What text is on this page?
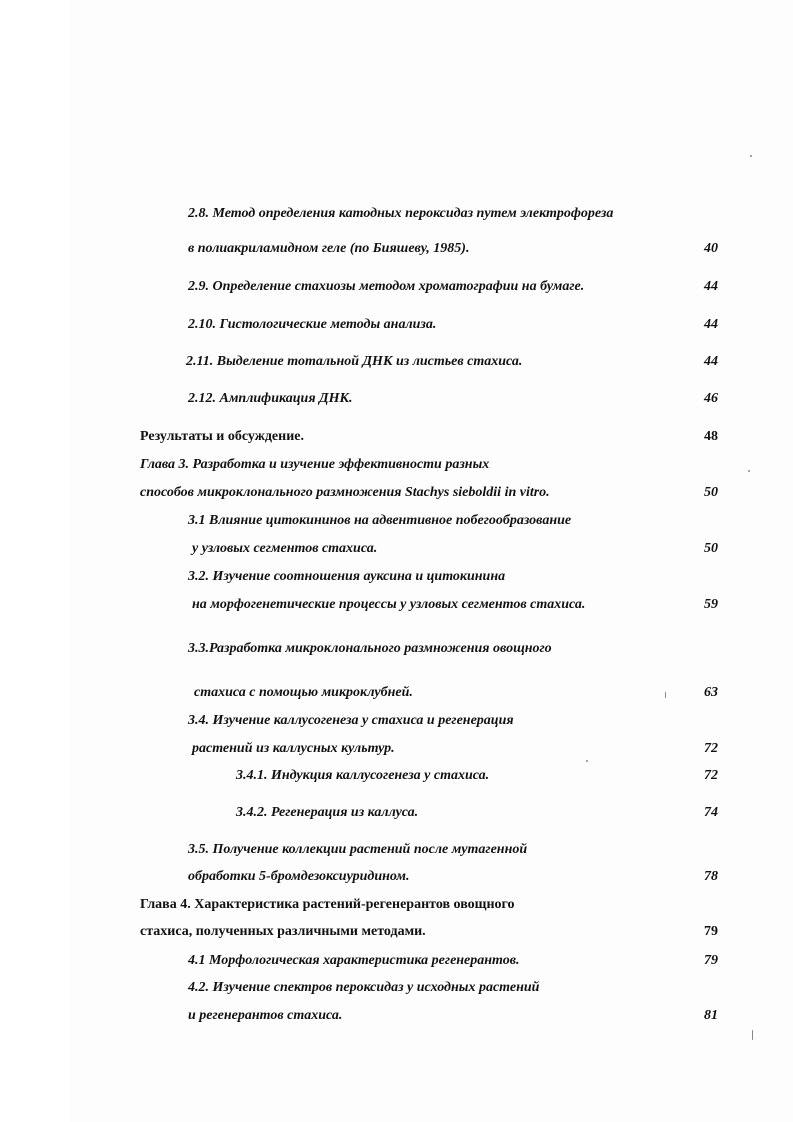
2.8. Метод определения катодных пероксидаз путем электрофореза
в полиакриламидном геле (по Бияшеву, 1985).	40
2.9. Определение стахиозы методом хроматографии на бумаге.	44
2.10. Гистологические методы анализа.	44
2.11. Выделение тотальной ДНК из листьев стахиса.	44
2.12. Амплификация ДНК.	46
Результаты и обсуждение.	48
Глава 3. Разработка и изучение эффективности разных
способов микроклонального размножения Stachys sieboldii in vitro.	50
3.1 Влияние цитокининов на адвентивное побегообразование
у узловых сегментов стахиса.	50
3.2. Изучение соотношения ауксина и цитокинина
на морфогенетические процессы у узловых сегментов стахиса.	59
3.3.Разработка микроклонального размножения овощного
стахиса с помощью микроклубней.	63
3.4. Изучение каллусогенеза у стахиса и регенерация
растений из каллусных культур.	72
3.4.1. Индукция каллусогенеза у стахиса.	72
3.4.2. Регенерация из каллуса.	74
3.5. Получение коллекции растений после мутагенной
обработки 5-бромдезоксиуридином.	78
Глава 4. Характеристика растений-регенерантов овощного
стахиса, полученных различными методами.	79
4.1 Морфологическая характеристика регенерантов.	79
4.2. Изучение спектров пероксидаз у исходных растений
и регенерантов стахиса.	81
